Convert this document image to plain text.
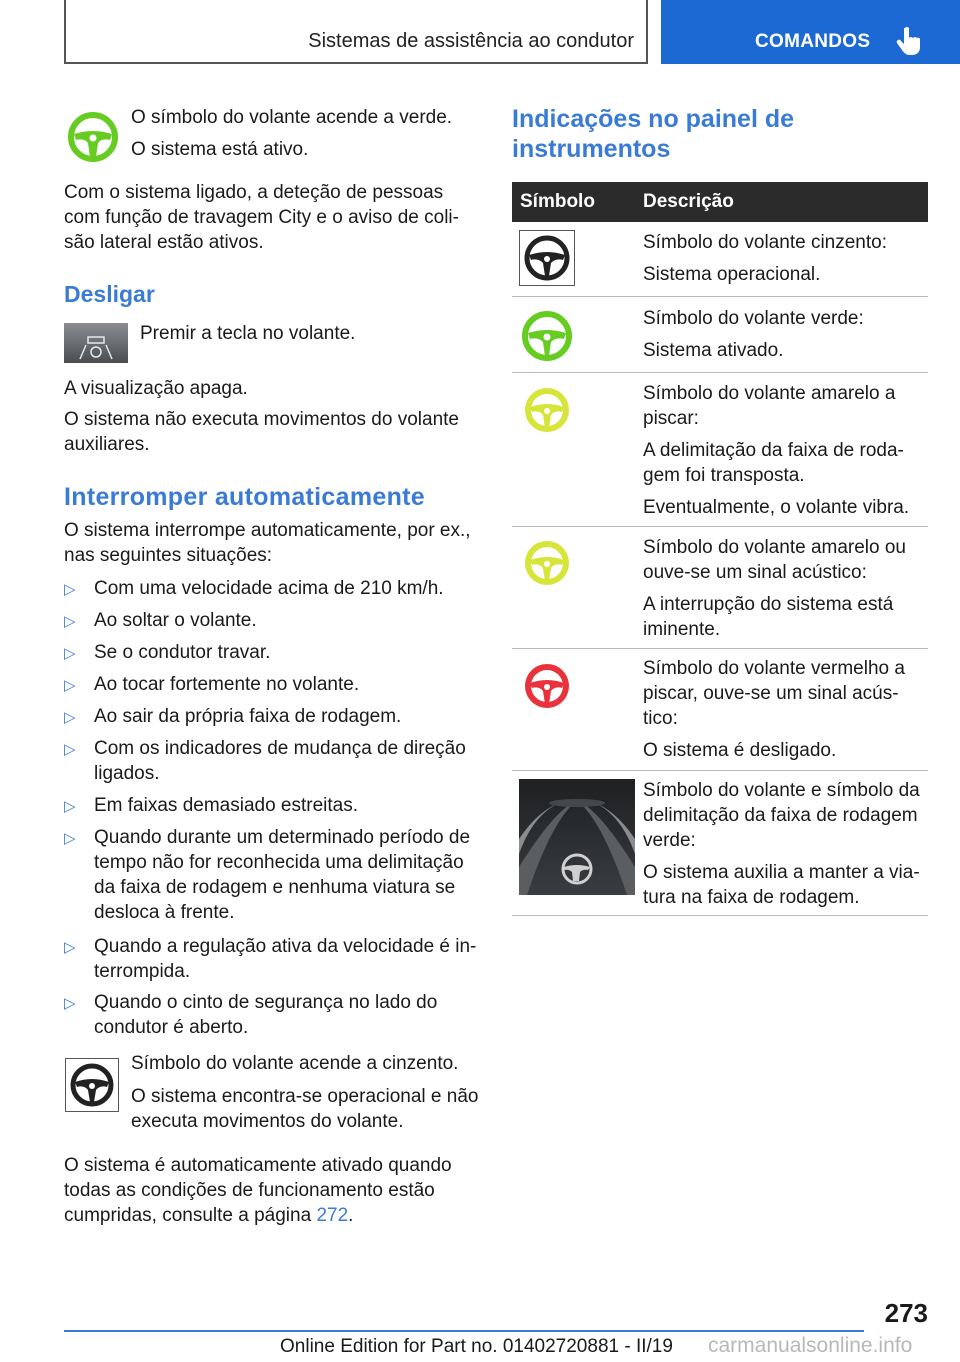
Sistemas de assistência ao condutor	COMANDOS
O símbolo do volante acende a verde.
O sistema está ativo.
Com o sistema ligado, a deteção de pessoas
com função de travagem City e o aviso de coli-
são lateral estão ativos.
Desligar
Premir a tecla no volante.
A visualização apaga.
O sistema não executa movimentos do volante
auxiliares.
Interromper automaticamente
O sistema interrompe automaticamente, por ex.,
nas seguintes situações:
▷ Com uma velocidade acima de 210 km/h.
▷ Ao soltar o volante.
▷ Se o condutor travar.
▷ Ao tocar fortemente no volante.
▷ Ao sair da própria faixa de rodagem.
▷ Com os indicadores de mudança de direção
ligados.
▷ Em faixas demasiado estreitas.
▷ Quando durante um determinado período de
tempo não for reconhecida uma delimitação
da faixa de rodagem e nenhuma viatura se
desloca à frente.
▷ Quando a regulação ativa da velocidade é in-
terrompida.
▷ Quando o cinto de segurança no lado do
condutor é aberto.
Símbolo do volante acende a cinzento.
O sistema encontra-se operacional e não
executa movimentos do volante.
O sistema é automaticamente ativado quando
todas as condições de funcionamento estão
cumpridas, consulte a página 272.
Indicações no painel de
instrumentos
Símbolo	Descrição
Símbolo do volante cinzento:
Sistema operacional.
Símbolo do volante verde:
Sistema ativado.
Símbolo do volante amarelo a
piscar:
A delimitação da faixa de roda-
gem foi transposta.
Eventualmente, o volante vibra.
Símbolo do volante amarelo ou
ouve-se um sinal acústico:
A interrupção do sistema está
iminente.
Símbolo do volante vermelho a
piscar, ouve-se um sinal acús-
tico:
O sistema é desligado.
Símbolo do volante e símbolo da
delimitação da faixa de rodagem
verde:
O sistema auxilia a manter a via-
tura na faixa de rodagem.
273
Online Edition for Part no. 01402720881 - II/19 carmanualsonline.info
